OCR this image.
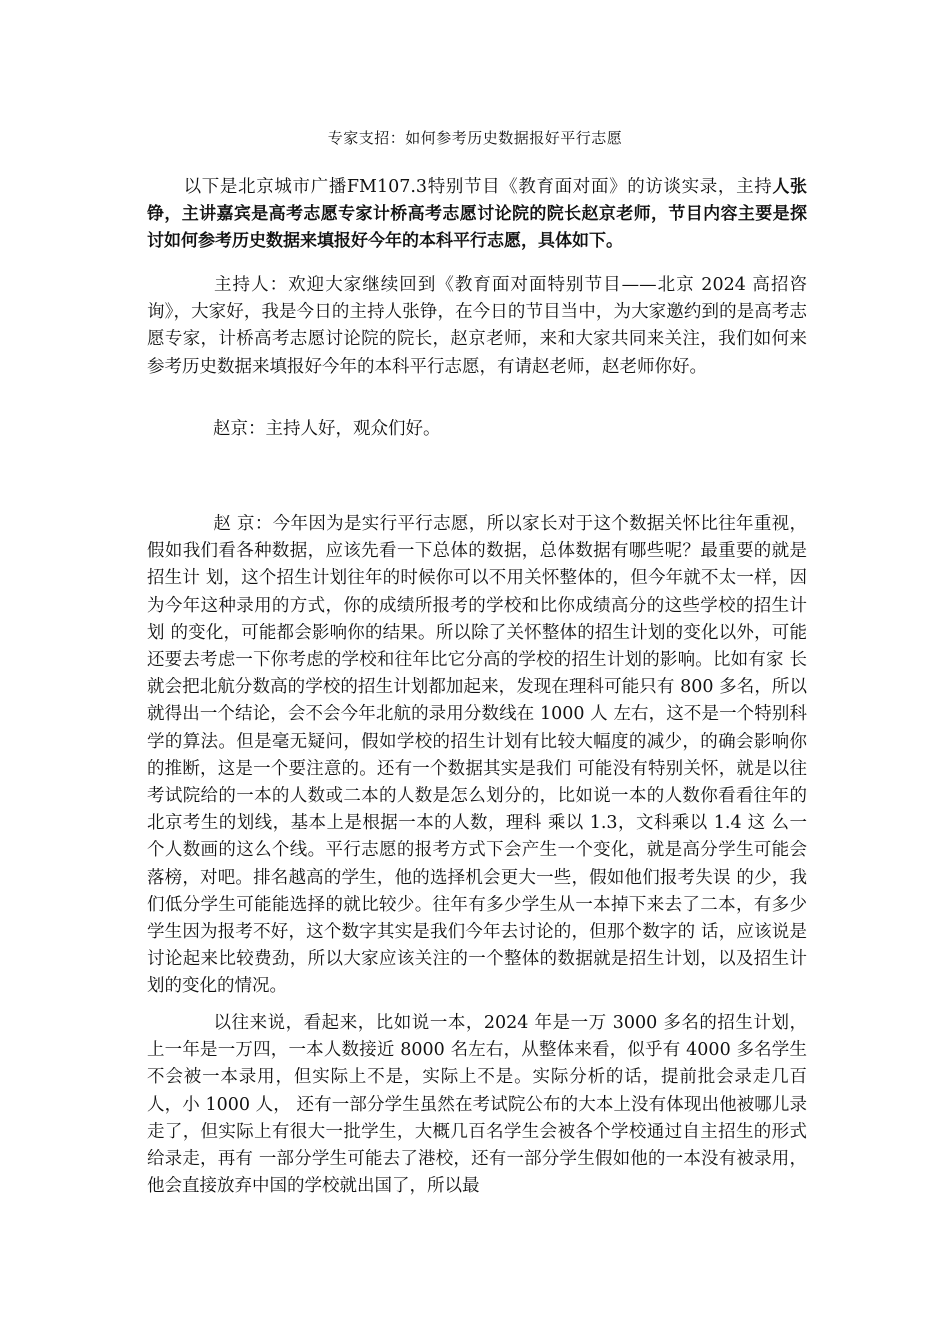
专家支招：如何参考历史数据报好平行志愿

以下是北京城市广播FM107.3特别节目《教育面对面》的访谈实录，主持人张铮，主讲嘉宾是高考志愿专家计桥高考志愿讨论院的院长赵京老师，节目内容主要是探讨如何参考历史数据来填报好今年的本科平行志愿，具体如下。

主持人：欢迎大家继续回到《教育面对面特别节目——北京 2024 高招咨询》，大家好，我是今日的主持人张铮，在今日的节目当中，为大家邀约到的是高考志愿专家，计桥高考志愿讨论院的院长，赵京老师，来和大家共同来关注，我们如何来参考历史数据来填报好今年的本科平行志愿，有请赵老师，赵老师你好。

赵京：主持人好，观众们好。

赵 京：今年因为是实行平行志愿，所以家长对于这个数据关怀比往年重视，假如我们看各种数据，应该先看一下总体的数据，总体数据有哪些呢？最重要的就是招生计 划，这个招生计划往年的时候你可以不用关怀整体的，但今年就不太一样，因为今年这种录用的方式，你的成绩所报考的学校和比你成绩高分的这些学校的招生计划 的变化，可能都会影响你的结果。所以除了关怀整体的招生计划的变化以外，可能还要去考虑一下你考虑的学校和往年比它分高的学校的招生计划的影响。比如有家 长就会把北航分数高的学校的招生计划都加起来，发现在理科可能只有 800 多名，所以就得出一个结论，会不会今年北航的录用分数线在 1000 人 左右，这不是一个特别科学的算法。但是毫无疑问，假如学校的招生计划有比较大幅度的减少，的确会影响你的推断，这是一个要注意的。还有一个数据其实是我们 可能没有特别关怀，就是以往考试院给的一本的人数或二本的人数是怎么划分的，比如说一本的人数你看看往年的北京考生的划线，基本上是根据一本的人数，理科 乘以 1.3，文科乘以 1.4 这 么一个人数画的这么个线。平行志愿的报考方式下会产生一个变化，就是高分学生可能会落榜，对吧。排名越高的学生，他的选择机会更大一些，假如他们报考失误 的少，我们低分学生可能能选择的就比较少。往年有多少学生从一本掉下来去了二本，有多少学生因为报考不好，这个数字其实是我们今年去讨论的，但那个数字的 话，应该说是讨论起来比较费劲，所以大家应该关注的一个整体的数据就是招生计划，以及招生计划的变化的情况。

以往来说，看起来，比如说一本，2024 年是一万 3000 多名的招生计划，上一年是一万四，一本人数接近 8000 名左右，从整体来看，似乎有 4000 多名学生不会被一本录用，但实际上不是，实际上不是。实际分析的话，提前批会录走几百人，小 1000 人， 还有一部分学生虽然在考试院公布的大本上没有体现出他被哪儿录走了，但实际上有很大一批学生，大概几百名学生会被各个学校通过自主招生的形式给录走，再有 一部分学生可能去了港校，还有一部分学生假如他的一本没有被录用，他会直接放弃中国的学校就出国了，所以最
